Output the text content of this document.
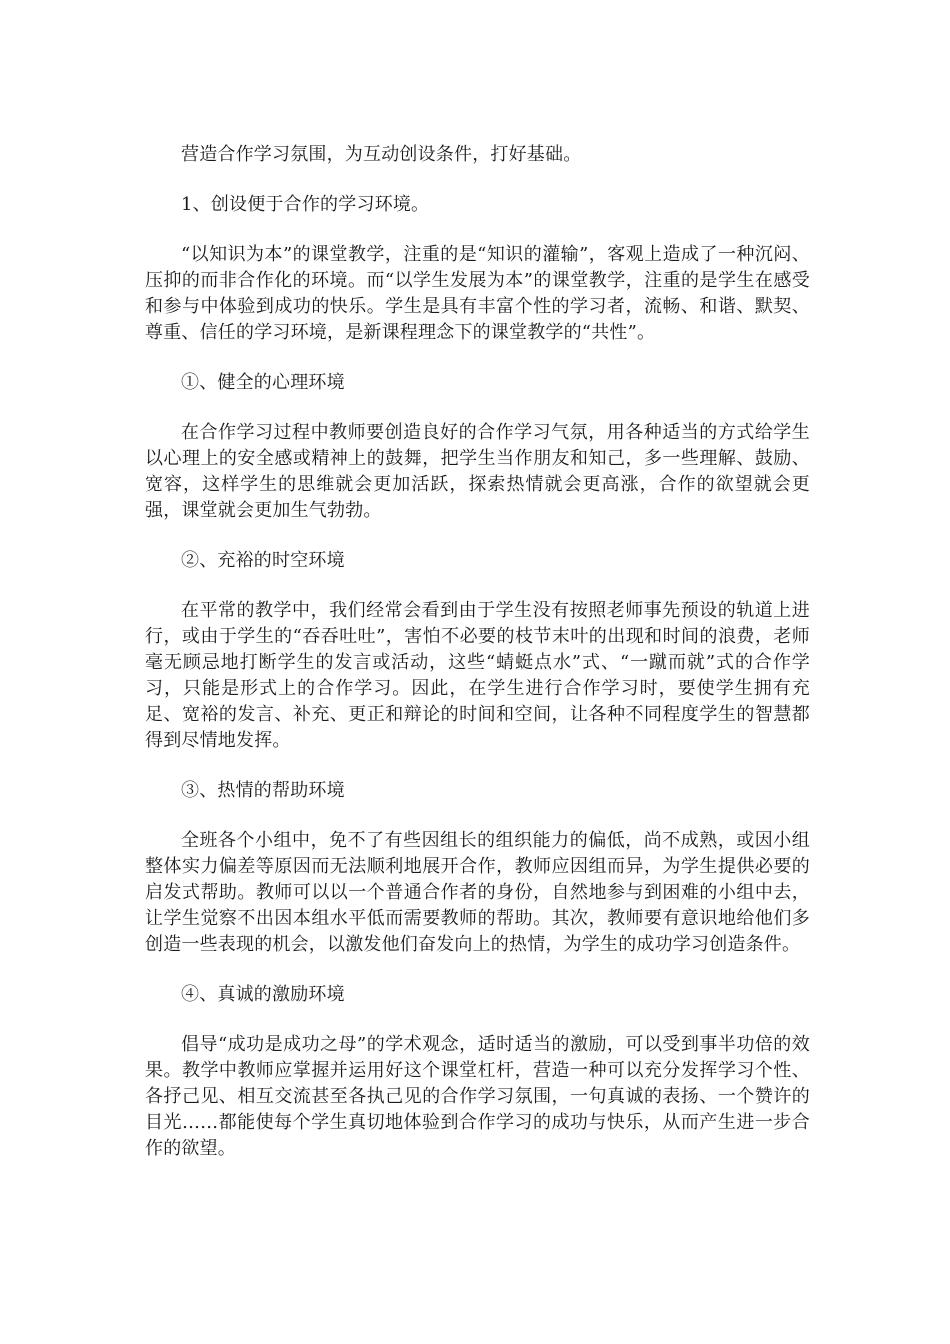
营造合作学习氛围，为互动创设条件，打好基础。

1、创设便于合作的学习环境。

“以知识为本”的课堂教学，注重的是“知识的灌输”，客观上造成了一种沉闷、压抑的而非合作化的环境。而“以学生发展为本”的课堂教学，注重的是学生在感受和参与中体验到成功的快乐。学生是具有丰富个性的学习者，流畅、和谐、默契、尊重、信任的学习环境，是新课程理念下的课堂教学的“共性”。

①、健全的心理环境

在合作学习过程中教师要创造良好的合作学习气氛，用各种适当的方式给学生以心理上的安全感或精神上的鼓舞，把学生当作朋友和知己，多一些理解、鼓励、宽容，这样学生的思维就会更加活跃，探索热情就会更高涨，合作的欲望就会更强，课堂就会更加生气勃勃。

②、充裕的时空环境

在平常的教学中，我们经常会看到由于学生没有按照老师事先预设的轨道上进行，或由于学生的“吞吞吐吐”，害怕不必要的枝节末叶的出现和时间的浪费，老师毫无顾忌地打断学生的发言或活动，这些“蜻蜓点水”式、“一蹴而就”式的合作学习，只能是形式上的合作学习。因此，在学生进行合作学习时，要使学生拥有充足、宽裕的发言、补充、更正和辩论的时间和空间，让各种不同程度学生的智慧都得到尽情地发挥。

③、热情的帮助环境

全班各个小组中，免不了有些因组长的组织能力的偏低，尚不成熟，或因小组整体实力偏差等原因而无法顺利地展开合作，教师应因组而异，为学生提供必要的启发式帮助。教师可以以一个普通合作者的身份，自然地参与到困难的小组中去，让学生觉察不出因本组水平低而需要教师的帮助。其次，教师要有意识地给他们多创造一些表现的机会，以激发他们奋发向上的热情，为学生的成功学习创造条件。

④、真诚的激励环境

倡导“成功是成功之母”的学术观念，适时适当的激励，可以受到事半功倍的效果。教学中教师应掌握并运用好这个课堂杠杆，营造一种可以充分发挥学习个性、各抒己见、相互交流甚至各执己见的合作学习氛围，一句真诚的表扬、一个赞许的目光……都能使每个学生真切地体验到合作学习的成功与快乐，从而产生进一步合作的欲望。
